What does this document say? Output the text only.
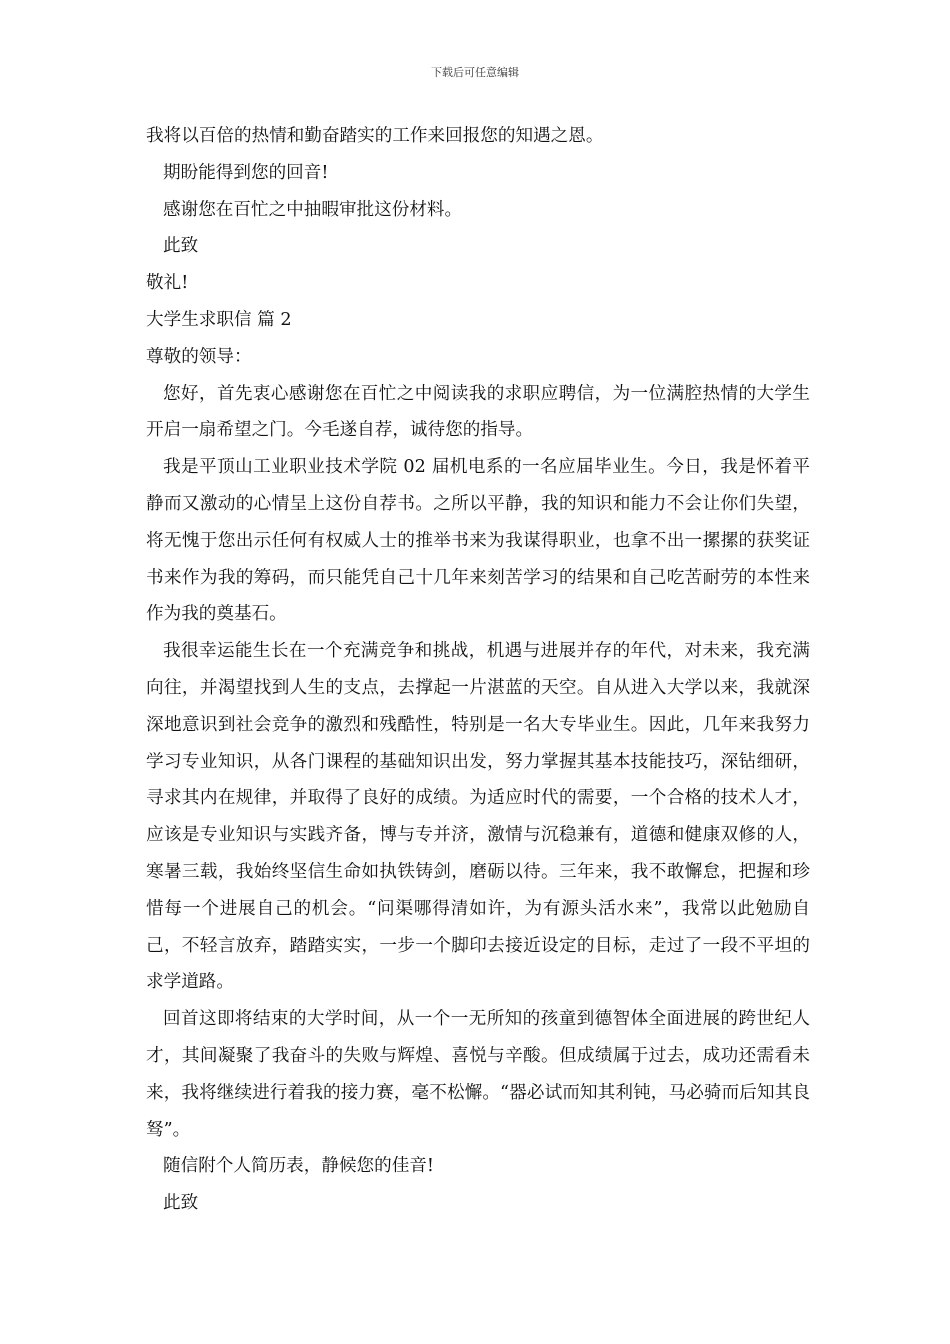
下载后可任意编辑

我将以百倍的热情和勤奋踏实的工作来回报您的知遇之恩。

期盼能得到您的回音!

感谢您在百忙之中抽暇审批这份材料。

此致

敬礼!

大学生求职信 篇 2

尊敬的领导：

您好，首先衷心感谢您在百忙之中阅读我的求职应聘信，为一位满腔热情的大学生开启一扇希望之门。今毛遂自荐，诚待您的指导。

我是平顶山工业职业技术学院 02 届机电系的一名应届毕业生。今日，我是怀着平静而又激动的心情呈上这份自荐书。之所以平静，我的知识和能力不会让你们失望，将无愧于您出示任何有权威人士的推举书来为我谋得职业，也拿不出一摞摞的获奖证书来作为我的筹码，而只能凭自己十几年来刻苦学习的结果和自己吃苦耐劳的本性来作为我的奠基石。

我很幸运能生长在一个充满竞争和挑战，机遇与进展并存的年代，对未来，我充满向往，并渴望找到人生的支点，去撑起一片湛蓝的天空。自从进入大学以来，我就深深地意识到社会竞争的激烈和残酷性，特别是一名大专毕业生。因此，几年来我努力学习专业知识，从各门课程的基础知识出发，努力掌握其基本技能技巧，深钻细研，寻求其内在规律，并取得了良好的成绩。为适应时代的需要，一个合格的技术人才，应该是专业知识与实践齐备，博与专并济，激情与沉稳兼有，道德和健康双修的人，寒暑三载，我始终坚信生命如执铁铸剑，磨砺以待。三年来，我不敢懈怠，把握和珍惜每一个进展自己的机会。“问渠哪得清如许，为有源头活水来”，我常以此勉励自己，不轻言放弃，踏踏实实，一步一个脚印去接近设定的目标，走过了一段不平坦的求学道路。

回首这即将结束的大学时间，从一个一无所知的孩童到德智体全面进展的跨世纪人才，其间凝聚了我奋斗的失败与辉煌、喜悦与辛酸。但成绩属于过去，成功还需看未来，我将继续进行着我的接力赛，毫不松懈。“器必试而知其利钝，马必骑而后知其良驽”。

随信附个人简历表，静候您的佳音!

此致
